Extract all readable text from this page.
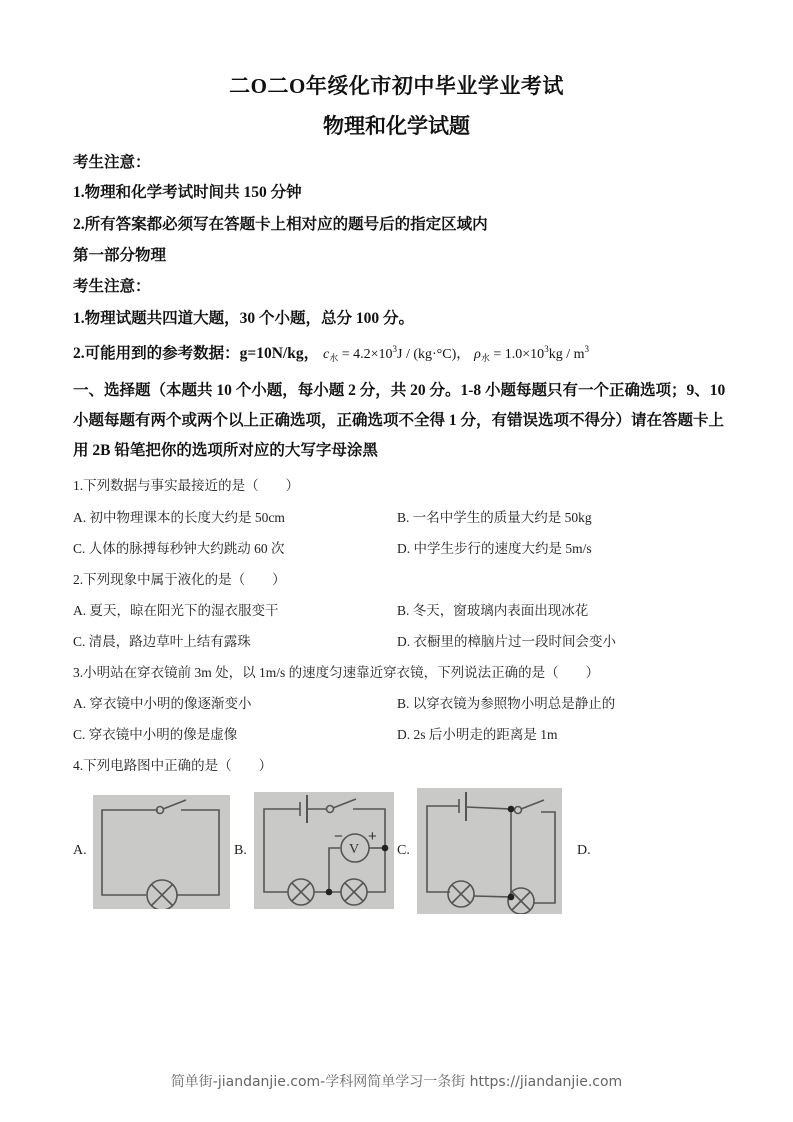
二O二O年绥化市初中毕业学业考试
物理和化学试题
考生注意：
1.物理和化学考试时间共 150 分钟
2.所有答案都必须写在答题卡上相对应的题号后的指定区域内
第一部分物理
考生注意：
1.物理试题共四道大题，30 个小题，总分 100 分。
2.可能用到的参考数据：g=10N/kg， $c_水 = 4.2\times 10^3J / (kg\cdot^\circ C)$， $\rho_水 = 1.0\times 10^3kg / m^3$
一、选择题（本题共 10 个小题，每小题 2 分，共 20 分。1-8 小题每题只有一个正确选项；9、10 小题每题有两个或两个以上正确选项，正确选项不全得 1 分，有错误选项不得分）请在答题卡上用 2B 铅笔把你的选项所对应的大写字母涂黑
1.下列数据与事实最接近的是（　　）
A. 初中物理课本的长度大约是 50cm	B. 一名中学生的质量大约是 50kg
C. 人体的脉搏每秒钟大约跳动 60 次	D. 中学生步行的速度大约是 5m/s
2.下列现象中属于液化的是（　　）
A. 夏天，晾在阳光下的湿衣服变干	B. 冬天，窗玻璃内表面出现冰花
C. 清晨，路边草叶上结有露珠	D. 衣橱里的樟脑片过一段时间会变小
3.小明站在穿衣镜前 3m 处，以 1m/s 的速度匀速靠近穿衣镜，下列说法正确的是（　　）
A. 穿衣镜中小明的像逐渐变小	B. 以穿衣镜为参照物小明总是静止的
C. 穿衣镜中小明的像是虚像	D. 2s 后小明走的距离是 1m
4.下列电路图中正确的是（　　）
A.	B.	C.	D.
V
− +
简单街-jiandanjie.com-学科网简单学习一条街 https://jiandanjie.com
